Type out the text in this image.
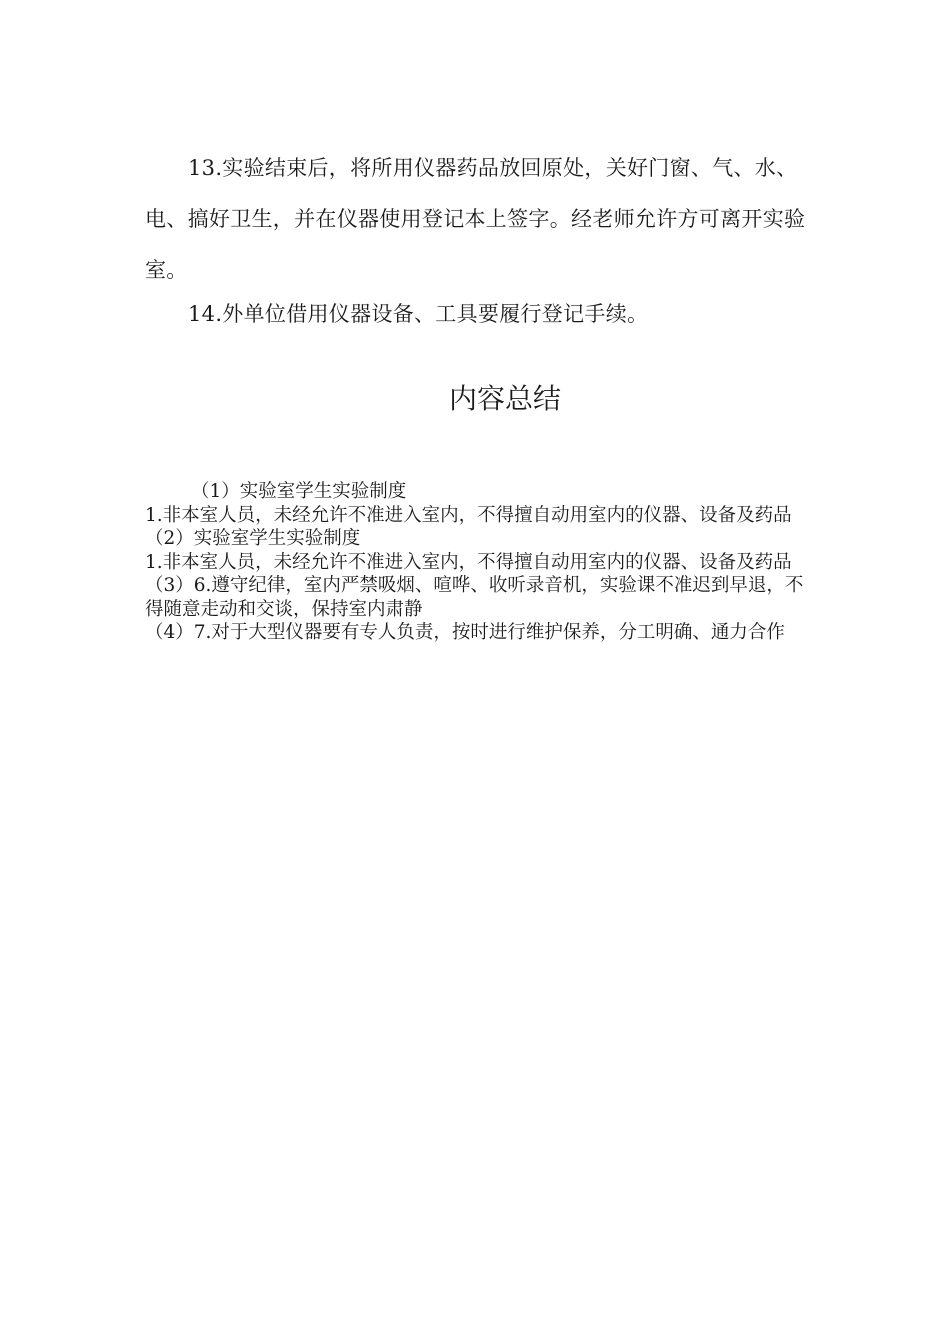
13.实验结束后，将所用仪器药品放回原处，关好门窗、气、水、电、搞好卫生，并在仪器使用登记本上签字。经老师允许方可离开实验室。

14.外单位借用仪器设备、工具要履行登记手续。

内容总结

（1）实验室学生实验制度

1.非本室人员，未经允许不准进入室内，不得擅自动用室内的仪器、设备及药品

（2）实验室学生实验制度

1.非本室人员，未经允许不准进入室内，不得擅自动用室内的仪器、设备及药品

（3）6.遵守纪律，室内严禁吸烟、喧哗、收听录音机，实验课不准迟到早退，不得随意走动和交谈，保持室内肃静

（4）7.对于大型仪器要有专人负责，按时进行维护保养，分工明确、通力合作
